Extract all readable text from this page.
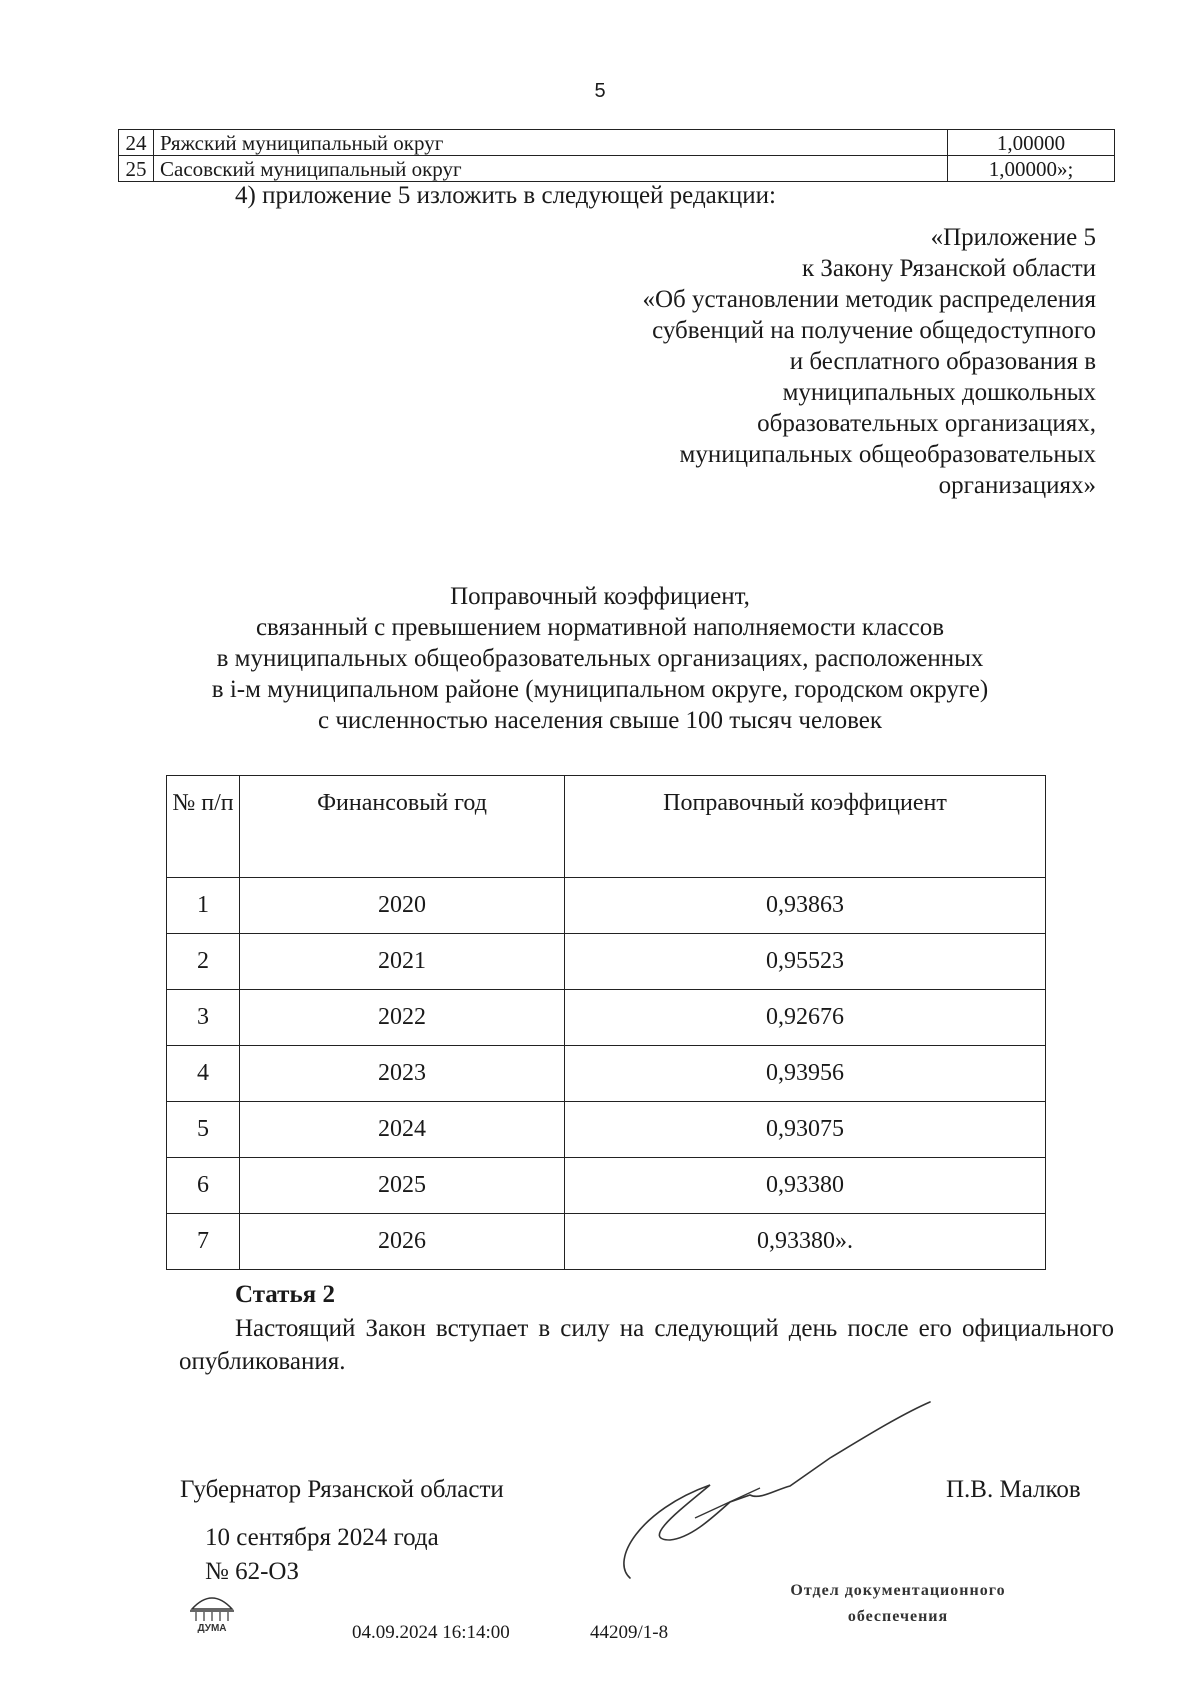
5
24	Ряжский муниципальный округ	1,00000
25	Сасовский муниципальный округ	1,00000»;
4) приложение 5 изложить в следующей редакции:
«Приложение 5
к Закону Рязанской области
«Об установлении методик распределения
субвенций на получение общедоступного
и бесплатного образования в
муниципальных дошкольных
образовательных организациях,
муниципальных общеобразовательных
организациях»
Поправочный коэффициент,
связанный с превышением нормативной наполняемости классов
в муниципальных общеобразовательных организациях, расположенных
в i-м муниципальном районе (муниципальном округе, городском округе)
с численностью населения свыше 100 тысяч человек
№ п/п	Финансовый год	Поправочный коэффициент
1	2020	0,93863
2	2021	0,95523
3	2022	0,92676
4	2023	0,93956
5	2024	0,93075
6	2025	0,93380
7	2026	0,93380».
Статья 2
Настоящий Закон вступает в силу на следующий день после его официального опубликования.
Губернатор Рязанской области	П.В. Малков
10 сентября 2024 года
№ 62-ОЗ
ДУМА	04.09.2024 16:14:00	44209/1-8
Отдел документационного
обеспечения
